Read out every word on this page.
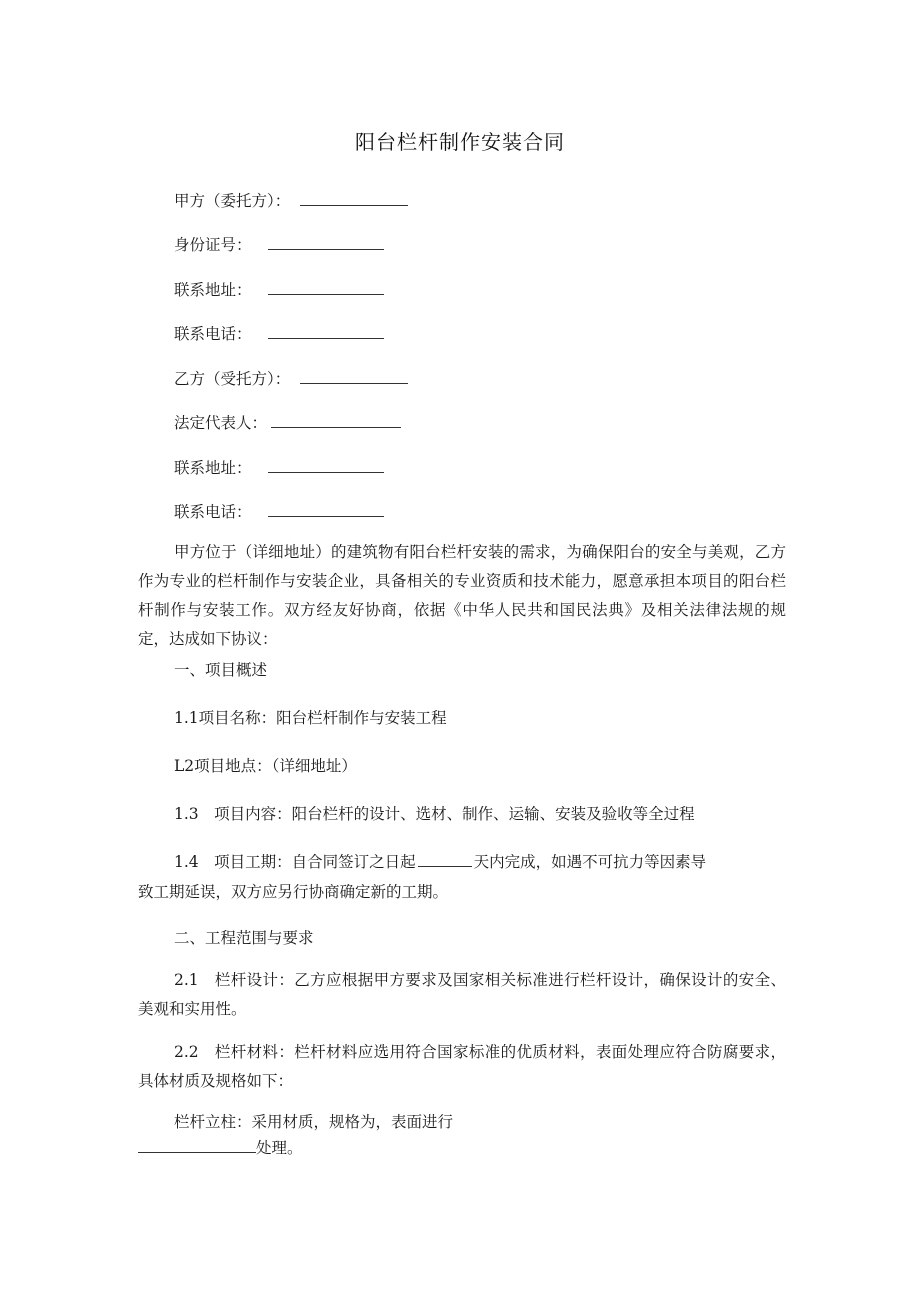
阳台栏杆制作安装合同
甲方（委托方）：
身份证号：
联系地址：
联系电话：
乙方（受托方）：
法定代表人：
联系地址：
联系电话：
甲方位于（详细地址）的建筑物有阳台栏杆安装的需求，为确保阳台的安全与美观，乙方作为专业的栏杆制作与安装企业，具备相关的专业资质和技术能力，愿意承担本项目的阳台栏杆制作与安装工作。双方经友好协商，依据《中华人民共和国民法典》及相关法律法规的规定，达成如下协议：
一、项目概述
1.1项目名称：阳台栏杆制作与安装工程
L2项目地点：（详细地址）
1.3　项目内容：阳台栏杆的设计、选材、制作、运输、安装及验收等全过程
1.4　项目工期：自合同签订之日起	天内完成，如遇不可抗力等因素导
致工期延误，双方应另行协商确定新的工期。
二、工程范围与要求
2.1　栏杆设计：乙方应根据甲方要求及国家相关标准进行栏杆设计，确保设计的安全、美观和实用性。
2.2　栏杆材料：栏杆材料应选用符合国家标准的优质材料，表面处理应符合防腐要求，具体材质及规格如下：
栏杆立柱：采用材质，规格为，表面进行
处理。
